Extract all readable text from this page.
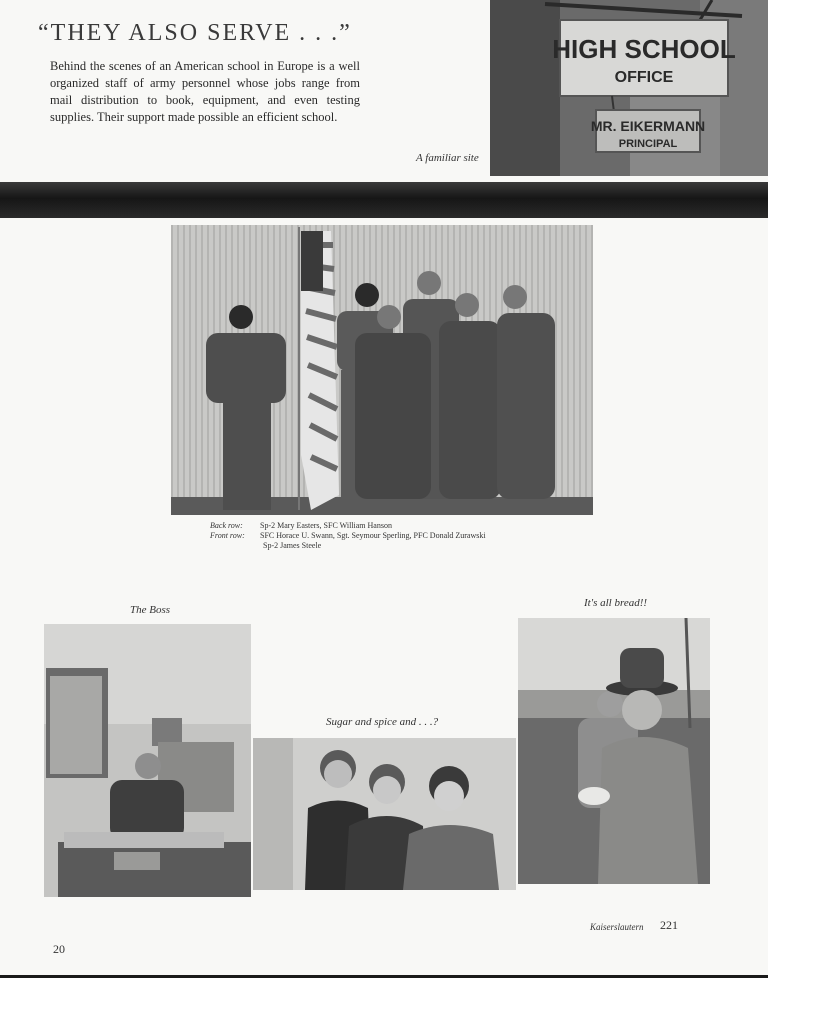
“THEY ALSO SERVE . . .”
Behind the scenes of an American school in Europe is a well organized staff of army personnel whose jobs range from mail distribution to book, equipment, and even testing supplies. Their support made possible an efficient school.
A familiar site
HIGH SCHOOL
OFFICE
MR. EIKERMANN
PRINCIPAL
Back row: Sp-2 Mary Easters, SFC William Hanson
Front row: SFC Horace U. Swann, Sgt. Seymour Sperling, PFC Donald Zurawski
Sp-2 James Steele
The Boss
Sugar and spice and . . .?
It's all bread!!
Kaiserslautern 221
20
